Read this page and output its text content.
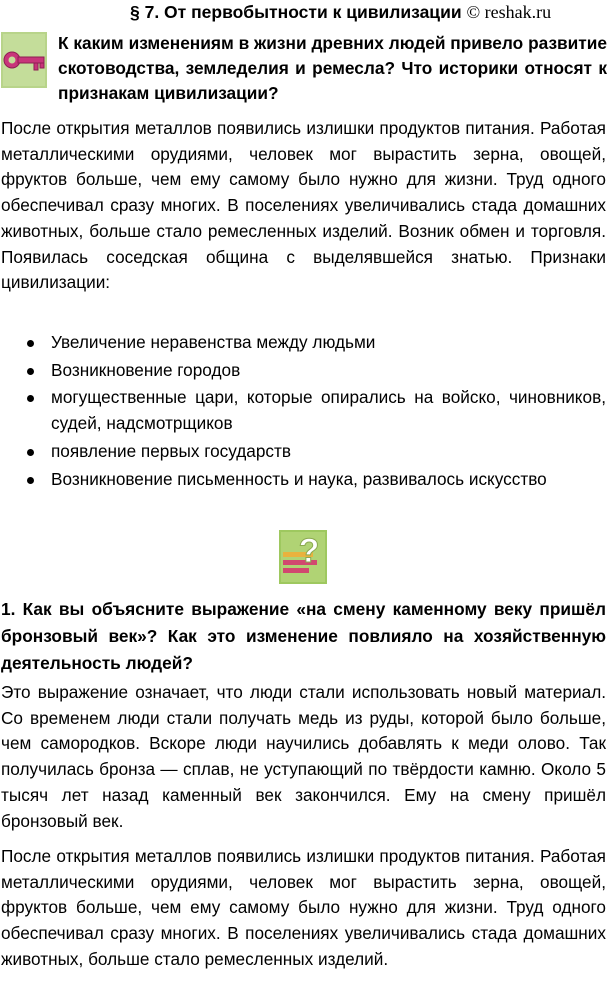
§ 7. От первобытности к цивилизации © reshak.ru
К каким изменениям в жизни древних людей привело развитие скотоводства, земледелия и ремесла? Что историки относят к признакам цивилизации?

После открытия металлов появились излишки продуктов питания. Работая металлическими орудиями, человек мог вырастить зерна, овощей, фруктов больше, чем ему самому было нужно для жизни. Труд одного обеспечивал сразу многих. В поселениях увеличивались стада домашних животных, больше стало ремесленных изделий. Возник обмен и торговля. Появилась соседская община с выделявшейся знатью. Признаки цивилизации:

Увеличение неравенства между людьми
Возникновение городов
могущественные цари, которые опирались на войско, чиновников, судей, надсмотрщиков
появление первых государств
Возникновение письменность и наука, развивалось искусство
?
1. Как вы объясните выражение «на смену каменному веку пришёл бронзовый век»? Как это изменение повлияло на хозяйственную деятельность людей?

Это выражение означает, что люди стали использовать новый материал. Со временем люди стали получать медь из руды, которой было больше, чем самородков. Вскоре люди научились добавлять к меди олово. Так получилась бронза — сплав, не уступающий по твёрдости камню. Около 5 тысяч лет назад каменный век закончился. Ему на смену пришёл бронзовый век.

После открытия металлов появились излишки продуктов питания. Работая металлическими орудиями, человек мог вырастить зерна, овощей, фруктов больше, чем ему самому было нужно для жизни. Труд одного обеспечивал сразу многих. В поселениях увеличивались стада домашних животных, больше стало ремесленных изделий.
